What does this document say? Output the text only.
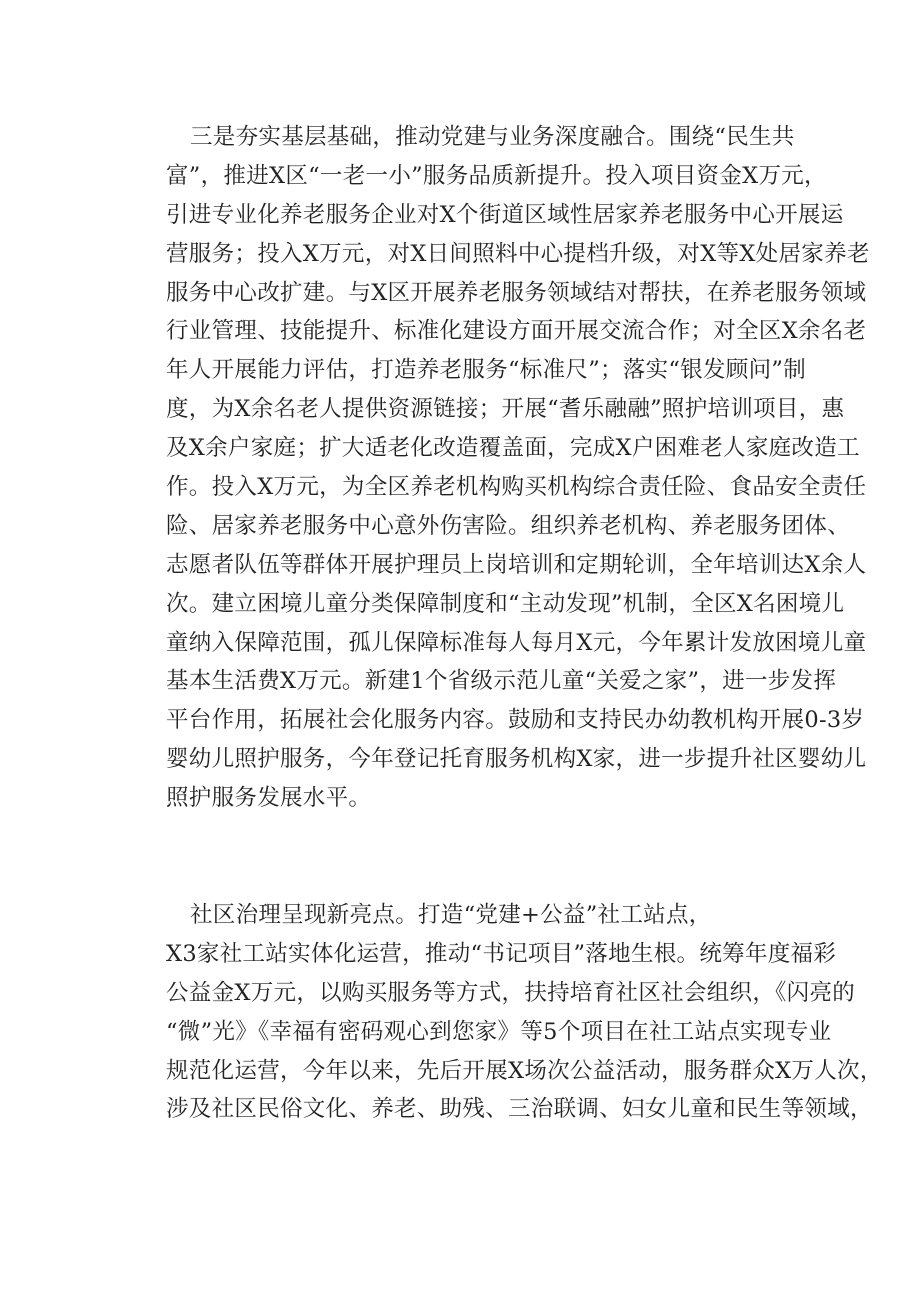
三是夯实基层基础，推动党建与业务深度融合。围绕“民生共
富”，推进X区“一老一小”服务品质新提升。投入项目资金X万元，
引进专业化养老服务企业对X个街道区域性居家养老服务中心开展运
营服务；投入X万元，对X日间照料中心提档升级，对X等X处居家养老
服务中心改扩建。与X区开展养老服务领域结对帮扶，在养老服务领域
行业管理、技能提升、标准化建设方面开展交流合作；对全区X余名老
年人开展能力评估，打造养老服务“标准尺”；落实“银发顾问”制
度，为X余名老人提供资源链接；开展“耆乐融融”照护培训项目，惠
及X余户家庭；扩大适老化改造覆盖面，完成X户困难老人家庭改造工
作。投入X万元，为全区养老机构购买机构综合责任险、食品安全责任
险、居家养老服务中心意外伤害险。组织养老机构、养老服务团体、
志愿者队伍等群体开展护理员上岗培训和定期轮训，全年培训达X余人
次。建立困境儿童分类保障制度和“主动发现”机制，全区X名困境儿
童纳入保障范围，孤儿保障标准每人每月X元，今年累计发放困境儿童
基本生活费X万元。新建1个省级示范儿童“关爱之家”，进一步发挥
平台作用，拓展社会化服务内容。鼓励和支持民办幼教机构开展0-3岁
婴幼儿照护服务，今年登记托育服务机构X家，进一步提升社区婴幼儿
照护服务发展水平。
社区治理呈现新亮点。打造“党建+公益”社工站点，
X3家社工站实体化运营，推动“书记项目”落地生根。统筹年度福彩
公益金X万元，以购买服务等方式，扶持培育社区社会组织，《闪亮的
“微”光》《幸福有密码观心到您家》等5个项目在社工站点实现专业
规范化运营，今年以来，先后开展X场次公益活动，服务群众X万人次，
涉及社区民俗文化、养老、助残、三治联调、妇女儿童和民生等领域，
